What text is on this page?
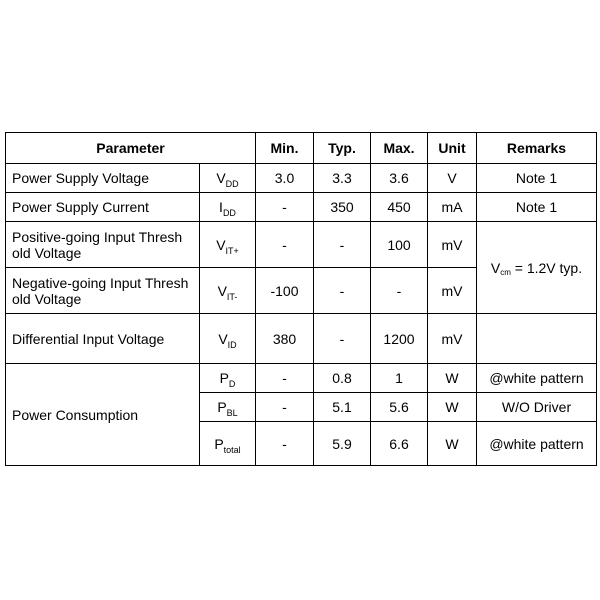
Parameter		Min.	Typ.	Max.	Unit	Remarks
Power Supply Voltage	$V_{DD}$	3.0	3.3	3.6	V	Note 1
Power Supply Current	$I_{DD}$	-	350	450	mA	Note 1
Positive-going Input Thresh old Voltage	$V_{IT+}$	-	-	100	mV	Vcm = 1.2V typ.
Negative-going Input Thresh old Voltage	$V_{IT-}$	-100	-	-	mV	
Differential Input Voltage	$V_{ID}$	380	-	1200	mV	
Power Consumption	$P_D$	-	0.8	1	W	@white pattern
	$P_{BL}$	-	5.1	5.6	W	W/O Driver
	$P_{total}$	-	5.9	6.6	W	@white pattern
